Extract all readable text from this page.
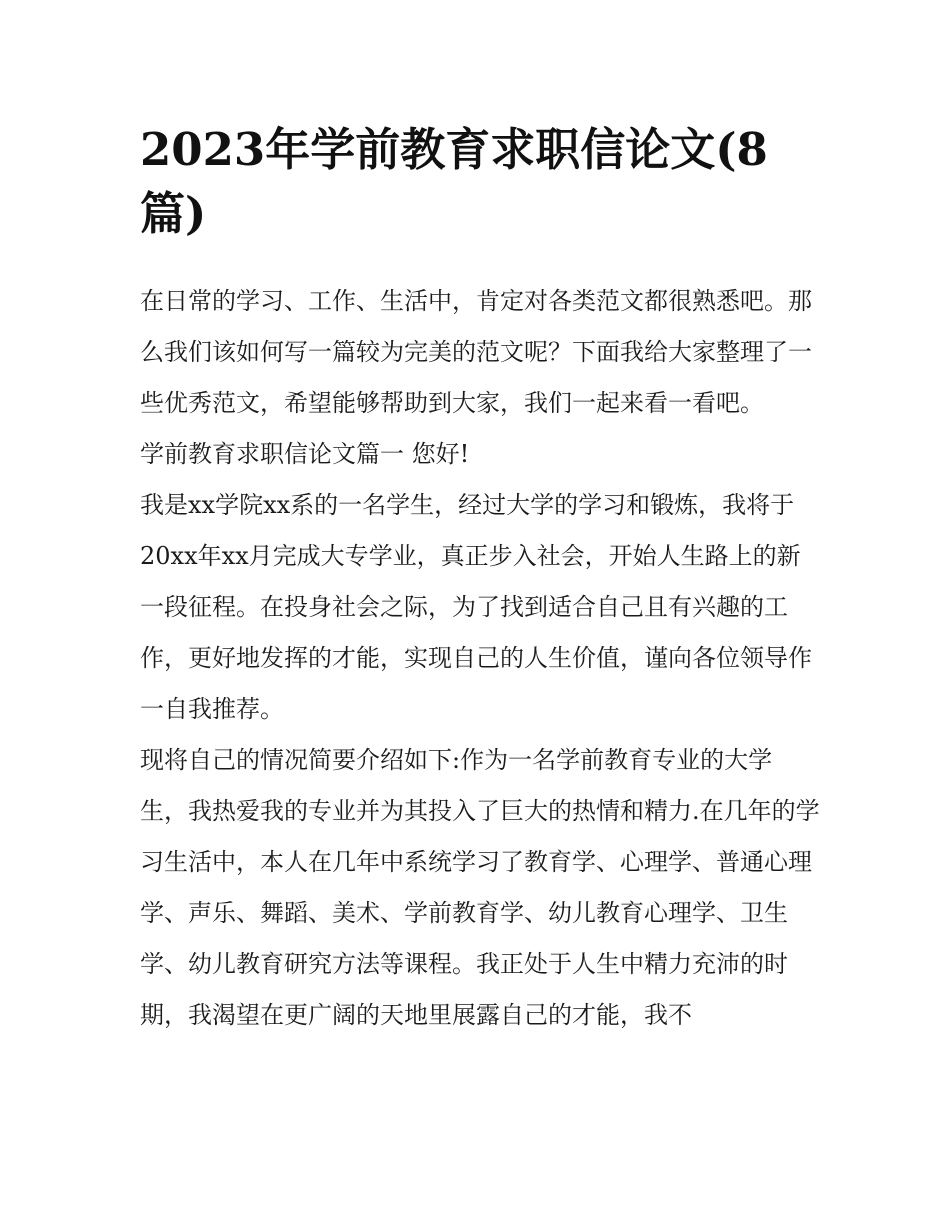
2023年学前教育求职信论文(8篇)

在日常的学习、工作、生活中，肯定对各类范文都很熟悉吧。那么我们该如何写一篇较为完美的范文呢？下面我给大家整理了一些优秀范文，希望能够帮助到大家，我们一起来看一看吧。

学前教育求职信论文篇一 您好!

我是xx学院xx系的一名学生，经过大学的学习和锻炼，我将于20xx年xx月完成大专学业，真正步入社会，开始人生路上的新一段征程。在投身社会之际，为了找到适合自己且有兴趣的工作，更好地发挥的才能，实现自己的人生价值，谨向各位领导作一自我推荐。

现将自己的情况简要介绍如下:作为一名学前教育专业的大学生，我热爱我的专业并为其投入了巨大的热情和精力.在几年的学习生活中，本人在几年中系统学习了教育学、心理学、普通心理学、声乐、舞蹈、美术、学前教育学、幼儿教育心理学、卫生学、幼儿教育研究方法等课程。我正处于人生中精力充沛的时期，我渴望在更广阔的天地里展露自己的才能，我不
